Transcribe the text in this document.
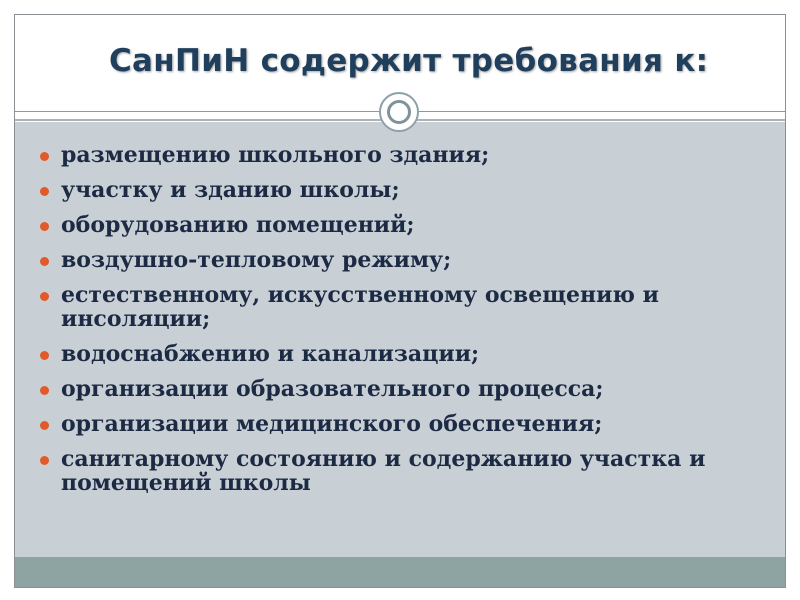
СанПиН содержит требования к:
размещению школьного здания;
участку и зданию школы;
оборудованию помещений;
воздушно-тепловому режиму;
естественному, искусственному освещению и инсоляции;
водоснабжению и канализации;
организации образовательного процесса;
организации медицинского обеспечения;
санитарному состоянию и содержанию участка и помещений школы
